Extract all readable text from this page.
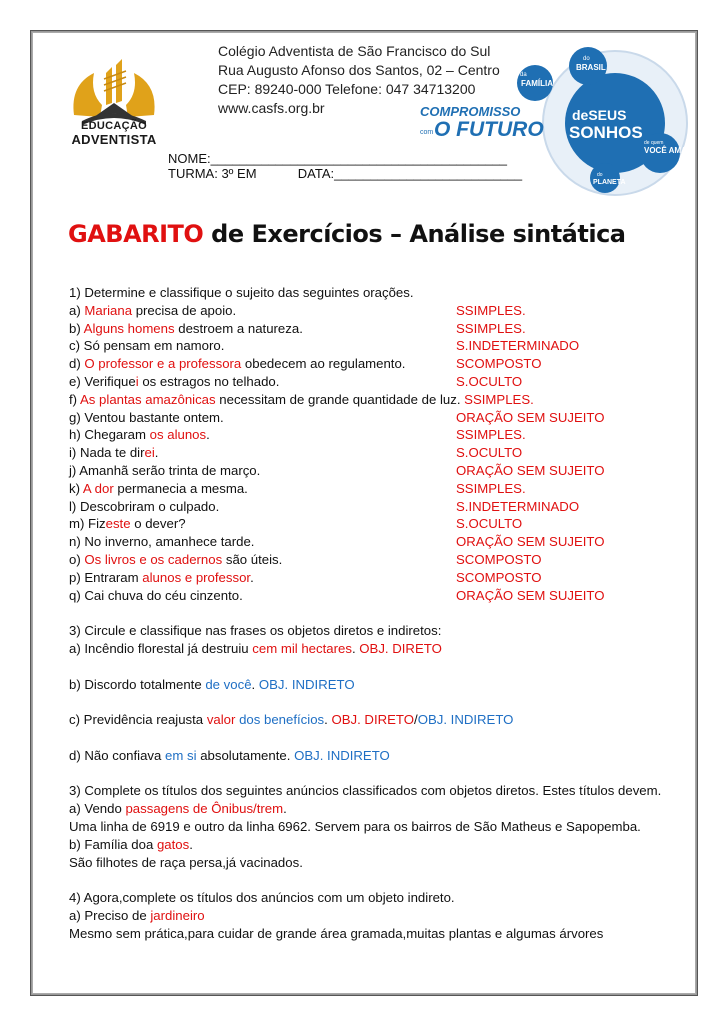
EDUCAÇÃO
ADVENTISTA
Colégio Adventista de São Francisco do Sul
Rua Augusto Afonso dos Santos, 02 – Centro
CEP: 89240-000 Telefone: 047 34713200
www.casfs.org.br
da
FAMÍLIA
do
BRASIL
COMPROMISSO
com O FUTURO
deSEUS
SONHOS
de quem
VOCÊ AMA
do
PLANETA
NOME:_________________________________________
TURMA: 3º EM	DATA:__________________________
GABARITO de Exercícios – Análise sintática
1) Determine e classifique o sujeito das seguintes orações.
a) Mariana precisa de apoio.	SSIMPLES.
b) Alguns homens destroem a natureza.	SSIMPLES.
c) Só pensam em namoro.	S.INDETERMINADO
d) O professor e a professora obedecem ao regulamento.	SCOMPOSTO
e) Verifiquei os estragos no telhado.	S.OCULTO
f) As plantas amazônicas necessitam de grande quantidade de luz. SSIMPLES.
g) Ventou bastante ontem.	ORAÇÃO SEM SUJEITO
h) Chegaram os alunos.	SSIMPLES.
i) Nada te direi.	S.OCULTO
j) Amanhã serão trinta de março.	ORAÇÃO SEM SUJEITO
k) A dor permanecia a mesma.	SSIMPLES.
l) Descobriram o culpado.	S.INDETERMINADO
m) Fizeste o dever?	S.OCULTO
n) No inverno, amanhece tarde.	ORAÇÃO SEM SUJEITO
o) Os livros e os cadernos são úteis.	SCOMPOSTO
p) Entraram alunos e professor.	SCOMPOSTO
q) Cai chuva do céu cinzento.	ORAÇÃO SEM SUJEITO
3) Circule e classifique nas frases os objetos diretos e indiretos:
a) Incêndio florestal já destruiu cem mil hectares. OBJ. DIRETO
b) Discordo totalmente de você. OBJ. INDIRETO
c) Previdência reajusta valor dos benefícios. OBJ. DIRETO/OBJ. INDIRETO
d) Não confiava em si absolutamente. OBJ. INDIRETO
3) Complete os títulos dos seguintes anúncios classificados com objetos diretos. Estes títulos devem.
a) Vendo passagens de Ônibus/trem.
Uma linha de 6919 e outro da linha 6962. Servem para os bairros de São Matheus e Sapopemba.
b) Família doa gatos.
São filhotes de raça persa,já vacinados.
4) Agora,complete os títulos dos anúncios com um objeto indireto.
a) Preciso de jardineiro
Mesmo sem prática,para cuidar de grande área gramada,muitas plantas e algumas árvores
